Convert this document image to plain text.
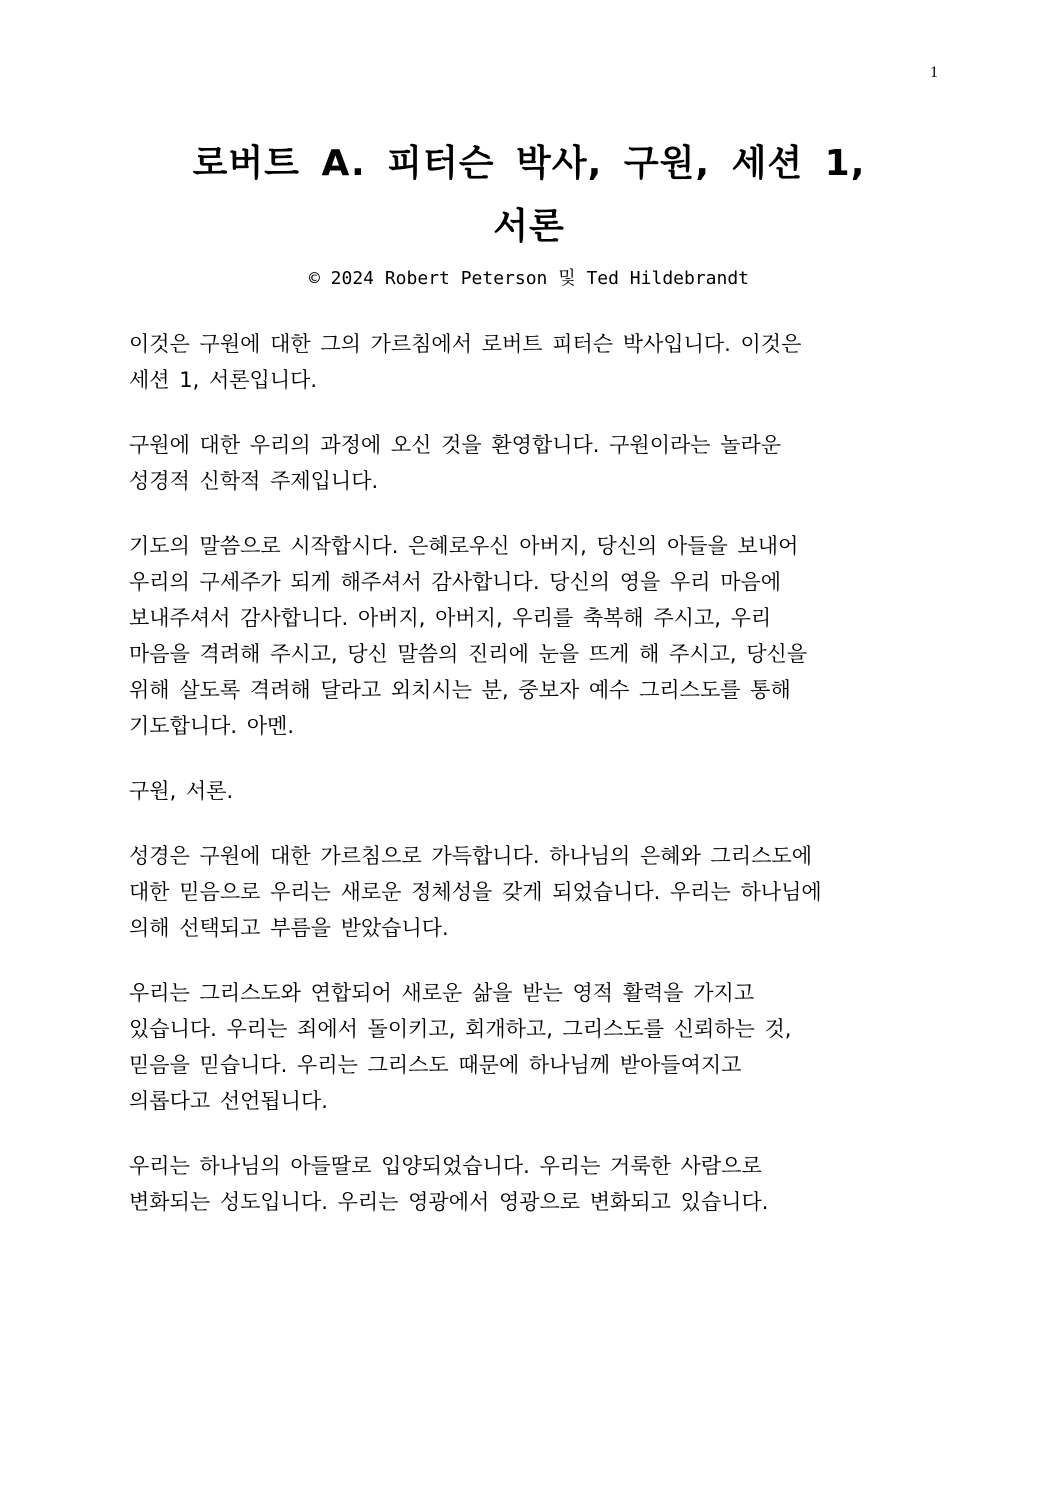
1
로버트 A. 피터슨 박사, 구원, 세션 1,
서론

© 2024 Robert Peterson 및 Ted Hildebrandt

이것은 구원에 대한 그의 가르침에서 로버트 피터슨 박사입니다. 이것은
세션 1, 서론입니다.

구원에 대한 우리의 과정에 오신 것을 환영합니다. 구원이라는 놀라운
성경적 신학적 주제입니다.

기도의 말씀으로 시작합시다. 은혜로우신 아버지, 당신의 아들을 보내어
우리의 구세주가 되게 해주셔서 감사합니다. 당신의 영을 우리 마음에
보내주셔서 감사합니다. 아버지, 아버지, 우리를 축복해 주시고, 우리
마음을 격려해 주시고, 당신 말씀의 진리에 눈을 뜨게 해 주시고, 당신을
위해 살도록 격려해 달라고 외치시는 분, 중보자 예수 그리스도를 통해
기도합니다. 아멘.

구원, 서론.

성경은 구원에 대한 가르침으로 가득합니다. 하나님의 은혜와 그리스도에
대한 믿음으로 우리는 새로운 정체성을 갖게 되었습니다. 우리는 하나님에
의해 선택되고 부름을 받았습니다.

우리는 그리스도와 연합되어 새로운 삶을 받는 영적 활력을 가지고
있습니다. 우리는 죄에서 돌이키고, 회개하고, 그리스도를 신뢰하는 것,
믿음을 믿습니다. 우리는 그리스도 때문에 하나님께 받아들여지고
의롭다고 선언됩니다.

우리는 하나님의 아들딸로 입양되었습니다. 우리는 거룩한 사람으로
변화되는 성도입니다. 우리는 영광에서 영광으로 변화되고 있습니다.
